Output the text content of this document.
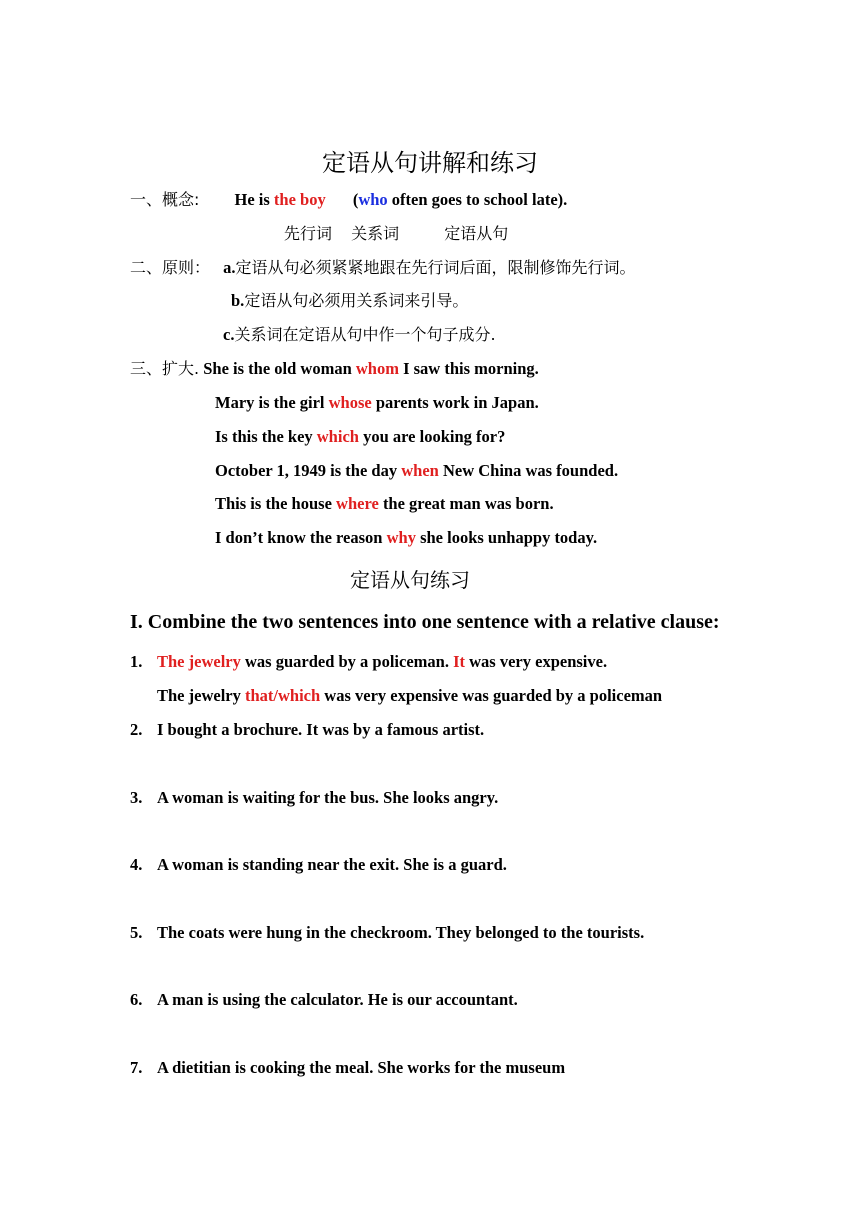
定语从句讲解和练习
一、概念: He is the boy (who often goes to school late).
先行词 关系词	定语从句
二、原则： a.定语从句必须紧紧地跟在先行词后面，限制修饰先行词。
b.定语从句必须用关系词来引导。
c.关系词在定语从句中作一个句子成分.
三、扩大. She is the old woman whom I saw this morning.
Mary is the girl whose parents work in Japan.
Is this the key which you are looking for?
October 1, 1949 is the day when New China was founded.
This is the house where the great man was born.
I don’t know the reason why she looks unhappy today.
定语从句练习
I. Combine the two sentences into one sentence with a relative clause:
1. The jewelry was guarded by a policeman. It was very expensive.
The jewelry that/which was very expensive was guarded by a policeman
2. I bought a brochure. It was by a famous artist.
3. A woman is waiting for the bus. She looks angry.
4. A woman is standing near the exit. She is a guard.
5. The coats were hung in the checkroom. They belonged to the tourists.
6. A man is using the calculator. He is our accountant.
7. A dietitian is cooking the meal. She works for the museum
